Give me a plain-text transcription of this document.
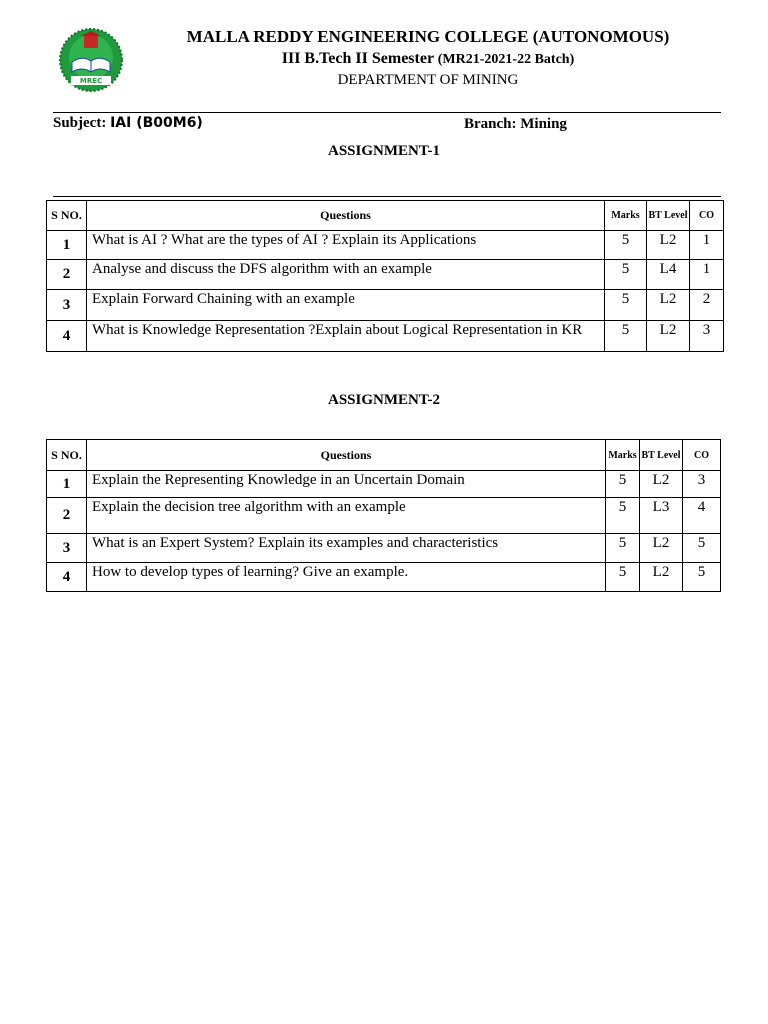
MREC
MALLA REDDY ENGINEERING COLLEGE (AUTONOMOUS)
III B.Tech II Semester (MR21-2021-22 Batch)
DEPARTMENT OF MINING
Subject: IAI (B00M6)	Branch: Mining
ASSIGNMENT-1
S NO.	Questions	Marks	BT Level	CO
1	What is AI ? What are the types of AI ? Explain its Applications	5	L2	1
2	Analyse and discuss the DFS algorithm with an example	5	L4	1
3	Explain Forward Chaining with an example	5	L2	2
4	What is Knowledge Representation ?Explain about Logical Representation in KR	5	L2	3
ASSIGNMENT-2
S NO.	Questions	Marks	BT Level	CO
1	Explain the Representing Knowledge in an Uncertain Domain	5	L2	3
2	Explain the decision tree algorithm with an example	5	L3	4
3	What is an Expert System? Explain its examples and characteristics	5	L2	5
4	How to develop types of learning? Give an example.	5	L2	5
